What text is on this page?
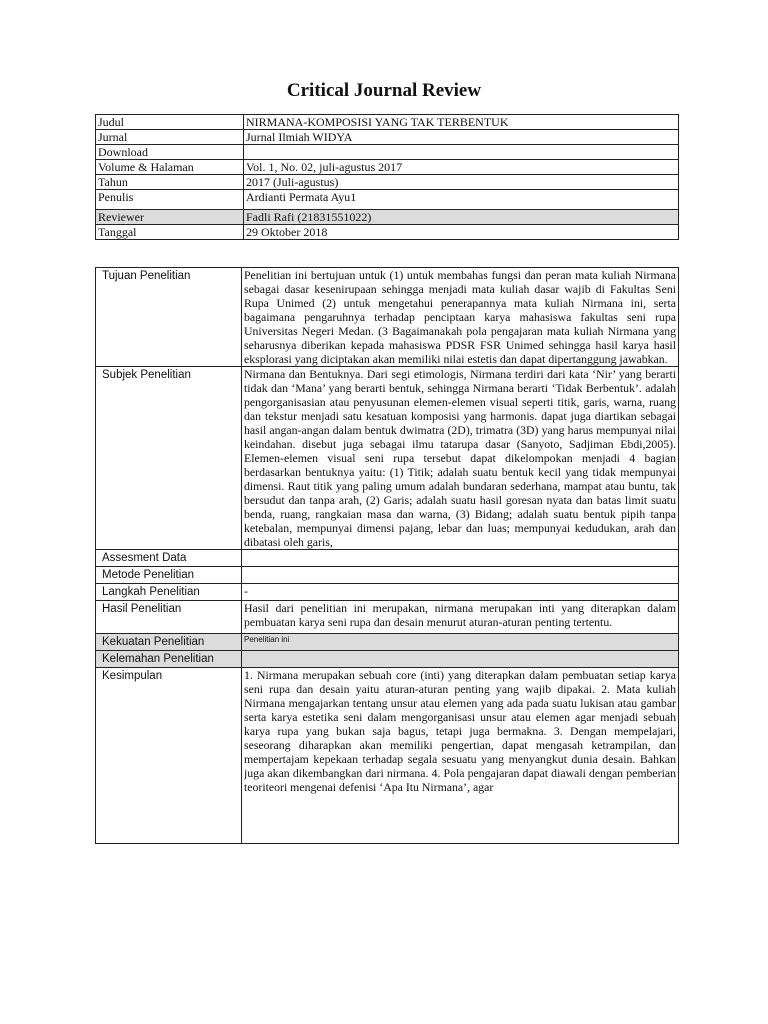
Critical Journal Review
Judul	NIRMANA-KOMPOSISI YANG TAK TERBENTUK
Jurnal	Jurnal Ilmiah WIDYA
Download	
Volume & Halaman	Vol. 1, No. 02, juli-agustus 2017
Tahun	2017 (Juli-agustus)
Penulis	Ardianti Permata Ayu1
Reviewer	Fadli Rafi (21831551022)
Tanggal	29 Oktober 2018
Tujuan Penelitian	Penelitian ini bertujuan untuk (1) untuk membahas fungsi dan peran mata kuliah Nirmana sebagai dasar kesenirupaan sehingga menjadi mata kuliah dasar wajib di Fakultas Seni Rupa Unimed (2) untuk mengetahui penerapannya mata kuliah Nirmana ini, serta bagaimana pengaruhnya terhadap penciptaan karya mahasiswa fakultas seni rupa Universitas Negeri Medan. (3 Bagaimanakah pola pengajaran mata kuliah Nirmana yang seharusnya diberikan kepada mahasiswa PDSR FSR Unimed sehingga hasil karya hasil eksplorasi yang diciptakan akan memiliki nilai estetis dan dapat dipertanggung jawabkan.
Subjek Penelitian	Nirmana dan Bentuknya. Dari segi etimologis, Nirmana terdiri dari kata ‘Nir’ yang berarti tidak dan ‘Mana’ yang berarti bentuk, sehingga Nirmana berarti ‘Tidak Berbentuk’. adalah pengorganisasian atau penyusunan elemen-elemen visual seperti titik, garis, warna, ruang dan tekstur menjadi satu kesatuan komposisi yang harmonis. dapat juga diartikan sebagai hasil angan-angan dalam bentuk dwimatra (2D), trimatra (3D) yang harus mempunyai nilai keindahan. disebut juga sebagai ilmu tatarupa dasar (Sanyoto, Sadjiman Ebdi,2005). Elemen-elemen visual seni rupa tersebut dapat dikelompokan menjadi 4 bagian berdasarkan bentuknya yaitu: (1) Titik; adalah suatu bentuk kecil yang tidak mempunyai dimensi. Raut titik yang paling umum adalah bundaran sederhana, mampat atau buntu, tak bersudut dan tanpa arah, (2) Garis; adalah suatu hasil goresan nyata dan batas limit suatu benda, ruang, rangkaian masa dan warna, (3) Bidang; adalah suatu bentuk pipih tanpa ketebalan, mempunyai dimensi pajang, lebar dan luas; mempunyai kedudukan, arah dan dibatasi oleh garis,
Assesment Data	
Metode Penelitian	
Langkah Penelitian	-
Hasil Penelitian	Hasil dari penelitian ini merupakan, nirmana merupakan inti yang diterapkan dalam pembuatan karya seni rupa dan desain menurut aturan-aturan penting tertentu.
Kekuatan Penelitian	Penelitian ini
Kelemahan Penelitian	
Kesimpulan	1. Nirmana merupakan sebuah core (inti) yang diterapkan dalam pembuatan setiap karya seni rupa dan desain yaitu aturan-aturan penting yang wajib dipakai. 2. Mata kuliah Nirmana mengajarkan tentang unsur atau elemen yang ada pada suatu lukisan atau gambar serta karya estetika seni dalam mengorganisasi unsur atau elemen agar menjadi sebuah karya rupa yang bukan saja bagus, tetapi juga bermakna. 3. Dengan mempelajari, seseorang diharapkan akan memiliki pengertian, dapat mengasah ketrampilan, dan mempertajam kepekaan terhadap segala sesuatu yang menyangkut dunia desain. Bahkan juga akan dikembangkan dari nirmana. 4. Pola pengajaran dapat diawali dengan pemberian teoriteori mengenai defenisi ‘Apa Itu Nirmana’, agar
